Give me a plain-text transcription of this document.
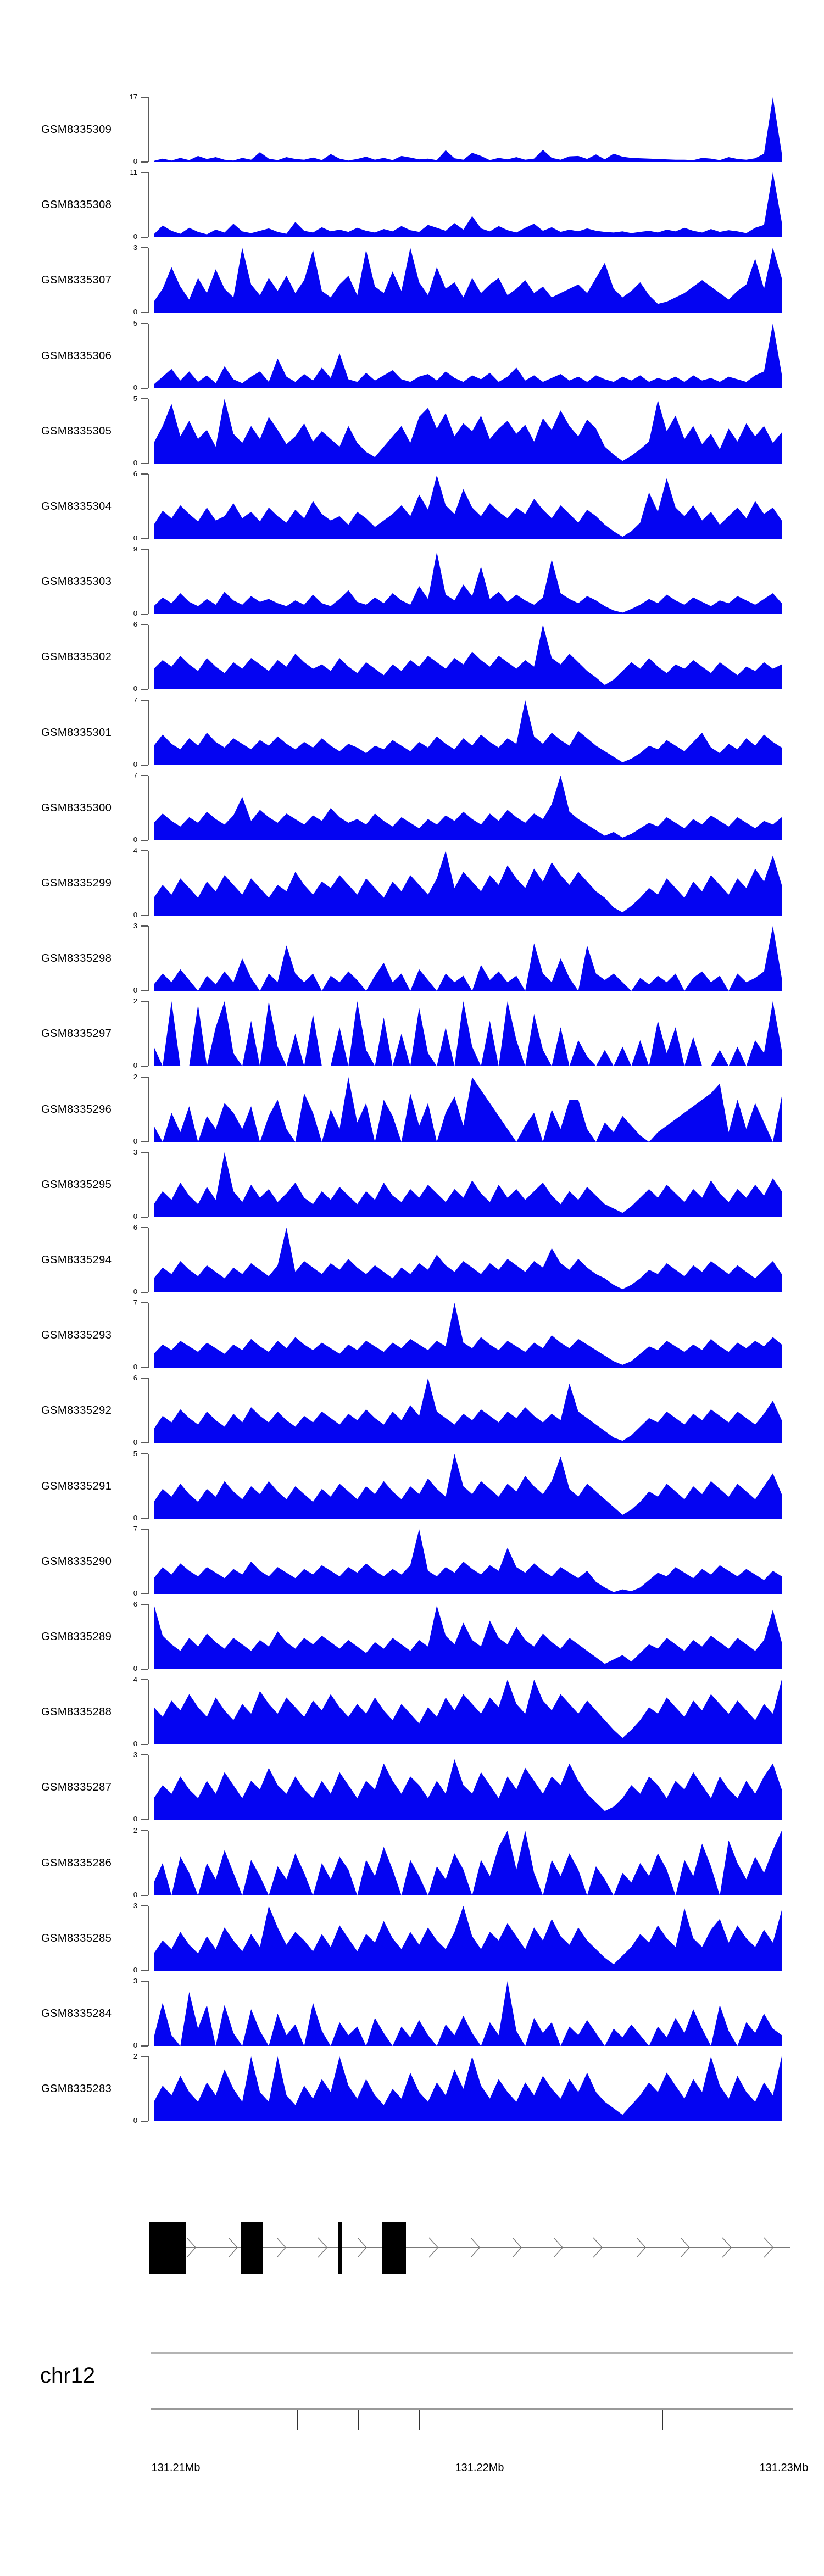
GSM8335309
17
0
GSM8335308
11
0
GSM8335307
3
0
GSM8335306
5
0
GSM8335305
5
0
GSM8335304
6
0
GSM8335303
9
0
GSM8335302
6
0
GSM8335301
7
0
GSM8335300
7
0
GSM8335299
4
0
GSM8335298
3
0
GSM8335297
2
0
GSM8335296
2
0
GSM8335295
3
0
GSM8335294
6
0
GSM8335293
7
0
GSM8335292
6
0
GSM8335291
5
0
GSM8335290
7
0
GSM8335289
6
0
GSM8335288
4
0
GSM8335287
3
0
GSM8335286
2
0
GSM8335285
3
0
GSM8335284
3
0
GSM8335283
2
0
chr12
131.21Mb	131.22Mb	131.23Mb
